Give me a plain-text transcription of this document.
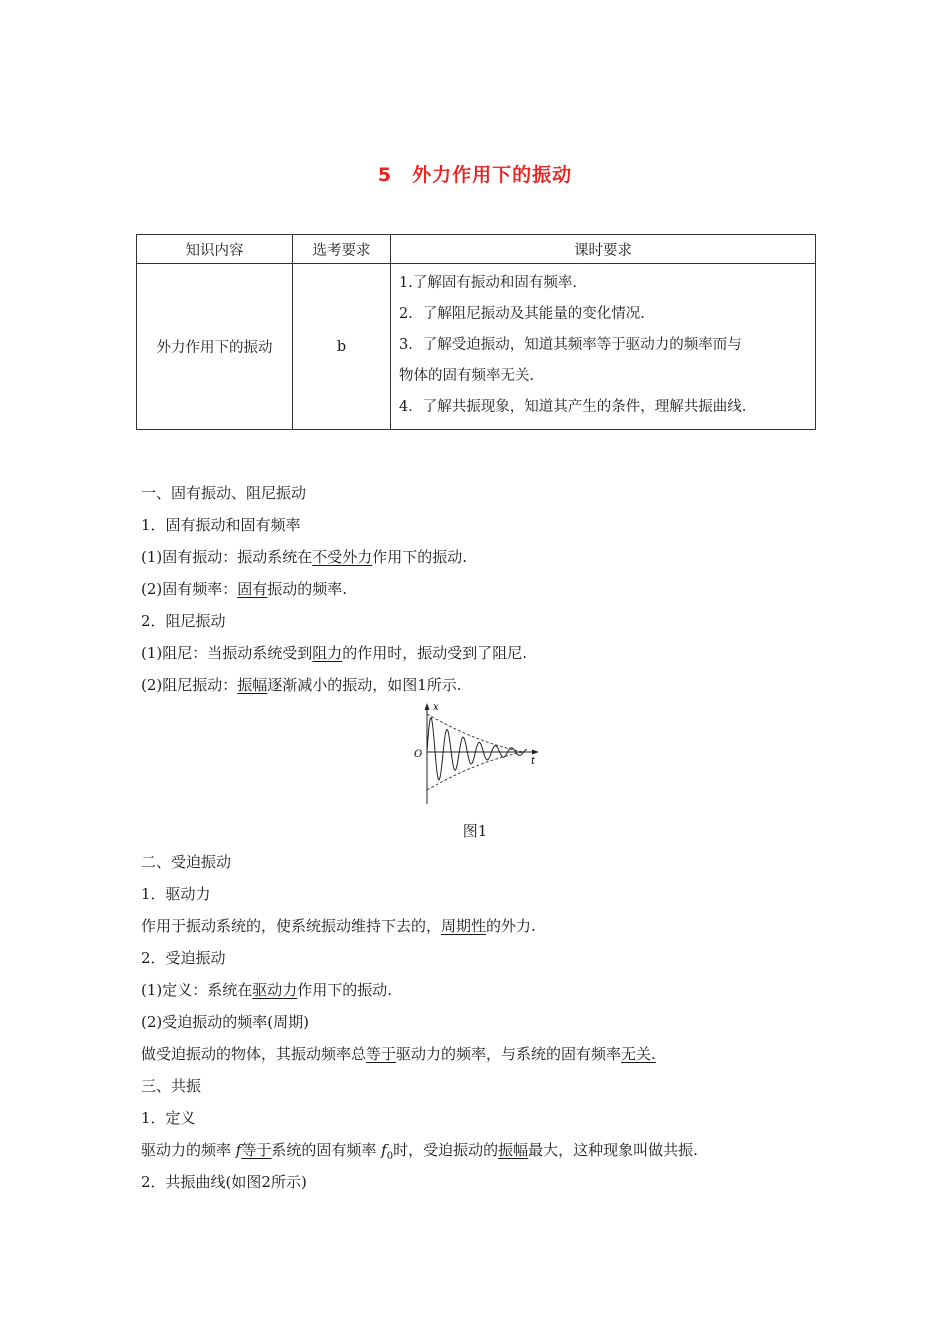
5　外力作用下的振动
知识内容	选考要求	课时要求
外力作用下的振动	b	1.了解固有振动和固有频率.
2．了解阻尼振动及其能量的变化情况.
3．了解受迫振动，知道其频率等于驱动力的频率而与
物体的固有频率无关.
4．了解共振现象，知道其产生的条件，理解共振曲线.
一、固有振动、阻尼振动
1．固有振动和固有频率
(1)固有振动：振动系统在不受外力作用下的振动.
(2)固有频率：固有振动的频率.
2．阻尼振动
(1)阻尼：当振动系统受到阻力的作用时，振动受到了阻尼.
(2)阻尼振动：振幅逐渐减小的振动，如图1所示.
二、受迫振动
1．驱动力
作用于振动系统的，使系统振动维持下去的，周期性的外力.
2．受迫振动
(1)定义：系统在驱动力作用下的振动.
(2)受迫振动的频率(周期)
做受迫振动的物体，其振动频率总等于驱动力的频率，与系统的固有频率无关.
三、共振
1．定义
驱动力的频率 f等于系统的固有频率 $f_0$时，受迫振动的振幅最大，这种现象叫做共振.
2．共振曲线(如图2所示)
x
O
t
图1
